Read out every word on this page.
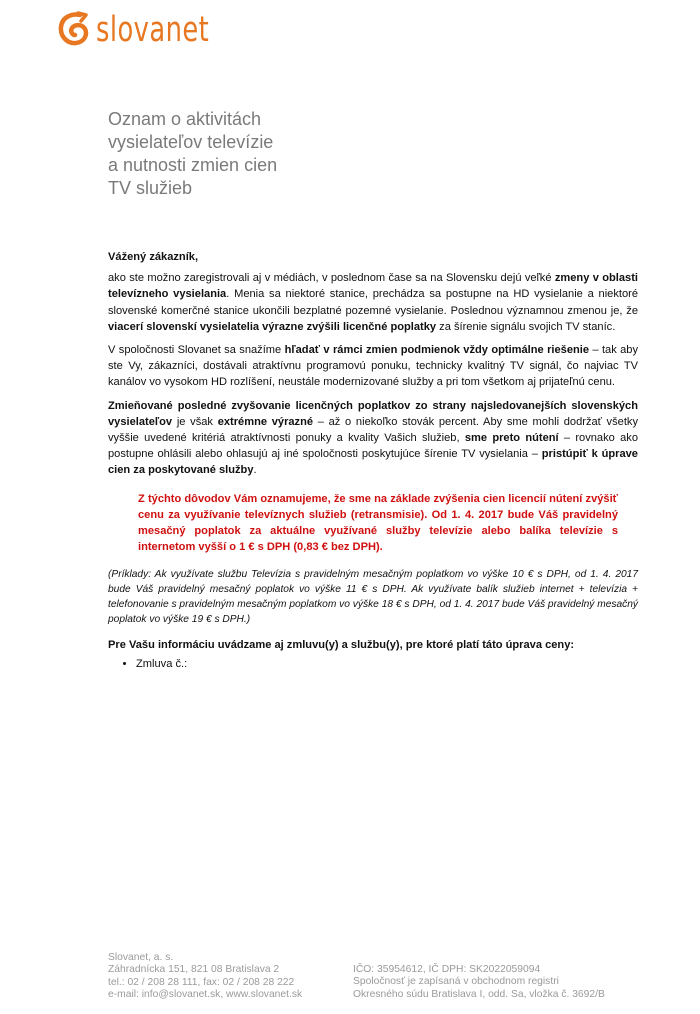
slovanet
Oznam o aktivitách
vysielateľov televízie
a nutnosti zmien cien
TV služieb

Vážený zákazník,

ako ste možno zaregistrovali aj v médiách, v poslednom čase sa na Slovensku dejú veľké zmeny v oblasti televízneho vysielania. Menia sa niektoré stanice, prechádza sa postupne na HD vysielanie a niektoré slovenské komerčné stanice ukončili bezplatné pozemné vysielanie. Poslednou významnou zmenou je, že viacerí slovenskí vysielatelia výrazne zvýšili licenčné poplatky za šírenie signálu svojich TV staníc.

V spoločnosti Slovanet sa snažíme hľadať v rámci zmien podmienok vždy optimálne riešenie – tak aby ste Vy, zákazníci, dostávali atraktívnu programovú ponuku, technicky kvalitný TV signál, čo najviac TV kanálov vo vysokom HD rozlíšení, neustále modernizované služby a pri tom všetkom aj prijateľnú cenu.

Zmieňované posledné zvyšovanie licenčných poplatkov zo strany najsledovanejších slovenských vysielateľov je však extrémne výrazné – až o niekoľko stovák percent. Aby sme mohli dodržať všetky vyššie uvedené kritériá atraktívnosti ponuky a kvality Vašich služieb, sme preto nútení – rovnako ako postupne ohlásili alebo ohlasujú aj iné spoločnosti poskytujúce šírenie TV vysielania – pristúpiť k úprave cien za poskytované služby.

Z týchto dôvodov Vám oznamujeme, že sme na základe zvýšenia cien licencií nútení zvýšiť cenu za využívanie televíznych služieb (retransmisie). Od 1. 4. 2017 bude Váš pravidelný mesačný poplatok za aktuálne využívané služby televízie alebo balíka televízie s internetom vyšší o 1 € s DPH (0,83 € bez DPH).

(Príklady: Ak využívate službu Televízia s pravidelným mesačným poplatkom vo výške 10 € s DPH, od 1. 4. 2017 bude Váš pravidelný mesačný poplatok vo výške 11 € s DPH. Ak využívate balík služieb internet + televízia + telefonovanie s pravidelným mesačným poplatkom vo výške 18 € s DPH, od 1. 4. 2017 bude Váš pravidelný mesačný poplatok vo výške 19 € s DPH.)

Pre Vašu informáciu uvádzame aj zmluvu(y) a službu(y), pre ktoré platí táto úprava ceny:

• Zmluva č.:
Slovanet, a. s.
Záhradnícka 151, 821 08 Bratislava 2
tel.: 02 / 208 28 111, fax: 02 / 208 28 222
e-mail: info@slovanet.sk, www.slovanet.sk
IČO: 35954612, IČ DPH: SK2022059094
Spoločnosť je zapísaná v obchodnom registri
Okresného súdu Bratislava I, odd. Sa, vložka č. 3692/B
